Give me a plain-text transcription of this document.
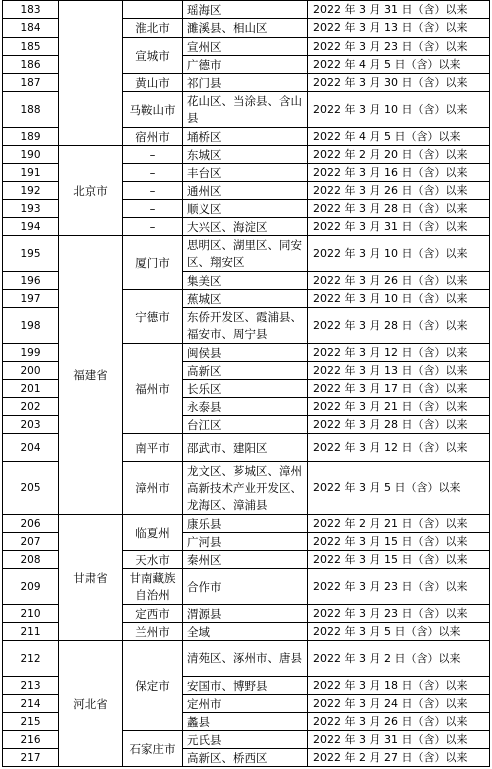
183			瑶海区	2022 年 3 月 31 日（含）以来
184		淮北市	濉溪县、相山区	2022 年 3 月 13 日（含）以来
185		宣城市	宣州区	2022 年 3 月 23 日（含）以来
186			广德市	2022 年 4 月 5 日（含）以来
187		黄山市	祁门县	2022 年 3 月 30 日（含）以来
188		马鞍山市	花山区、当涂县、含山县	2022 年 3 月 10 日（含）以来
189		宿州市	埇桥区	2022 年 4 月 5 日（含）以来
190	北京市	–	东城区	2022 年 2 月 20 日（含）以来
191		–	丰台区	2022 年 3 月 16 日（含）以来
192		–	通州区	2022 年 3 月 26 日（含）以来
193		–	顺义区	2022 年 3 月 28 日（含）以来
194		–	大兴区、海淀区	2022 年 3 月 31 日（含）以来
195	福建省	厦门市	思明区、湖里区、同安区、翔安区	2022 年 3 月 10 日（含）以来
196			集美区	2022 年 3 月 26 日（含）以来
197		宁德市	蕉城区	2022 年 3 月 10 日（含）以来
198			东侨开发区、霞浦县、福安市、周宁县	2022 年 3 月 28 日（含）以来
199		福州市	闽侯县	2022 年 3 月 12 日（含）以来
200			高新区	2022 年 3 月 13 日（含）以来
201			长乐区	2022 年 3 月 17 日（含）以来
202			永泰县	2022 年 3 月 21 日（含）以来
203			台江区	2022 年 3 月 28 日（含）以来
204		南平市	邵武市、建阳区	2022 年 3 月 12 日（含）以来
205		漳州市	龙文区、芗城区、漳州高新技术产业开发区、龙海区、漳浦县	2022 年 3 月 5 日（含）以来
206	甘肃省	临夏州	康乐县	2022 年 2 月 21 日（含）以来
207			广河县	2022 年 3 月 15 日（含）以来
208		天水市	秦州区	2022 年 3 月 15 日（含）以来
209		甘南藏族自治州	合作市	2022 年 3 月 23 日（含）以来
210		定西市	渭源县	2022 年 3 月 23 日（含）以来
211		兰州市	全域	2022 年 3 月 5 日（含）以来
212	河北省	保定市	清苑区、涿州市、唐县	2022 年 3 月 2 日（含）以来
213			安国市、博野县	2022 年 3 月 18 日（含）以来
214			定州市	2022 年 3 月 24 日（含）以来
215			蠡县	2022 年 3 月 26 日（含）以来
216		石家庄市	元氏县	2022 年 3 月 31 日（含）以来
217			高新区、桥西区	2022 年 2 月 27 日（含）以来
